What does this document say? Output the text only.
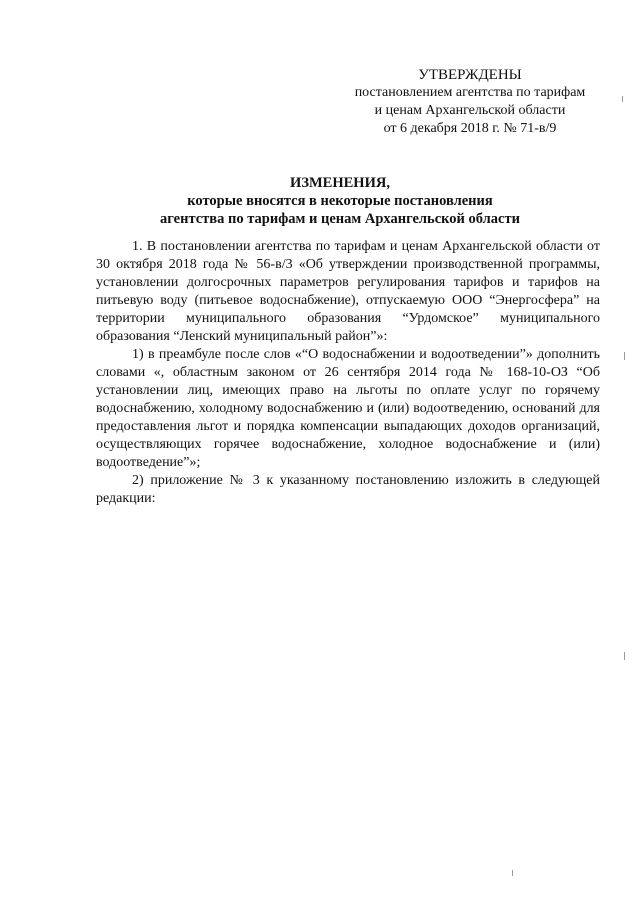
УТВЕРЖДЕНЫ
постановлением агентства по тарифам
и ценам Архангельской области
от 6 декабря 2018 г. № 71-в/9
ИЗМЕНЕНИЯ,
которые вносятся в некоторые постановления
агентства по тарифам и ценам Архангельской области

1. В постановлении агентства по тарифам и ценам Архангельской области от 30 октября 2018 года № 56-в/3 «Об утверждении производственной программы, установлении долгосрочных параметров регулирования тарифов и тарифов на питьевую воду (питьевое водоснабжение), отпускаемую ООО “Энергосфера” на территории муниципального образования “Урдомское” муниципального образования “Ленский муниципальный район”»:

1) в преамбуле после слов «“О водоснабжении и водоотведении”» дополнить словами «, областным законом от 26 сентября 2014 года № 168-10-ОЗ “Об установлении лиц, имеющих право на льготы по оплате услуг по горячему водоснабжению, холодному водоснабжению и (или) водоотведению, оснований для предоставления льгот и порядка компенсации выпадающих доходов организаций, осуществляющих горячее водоснабжение, холодное водоснабжение и (или) водоотведение”»;

2) приложение № 3 к указанному постановлению изложить в следующей редакции:
